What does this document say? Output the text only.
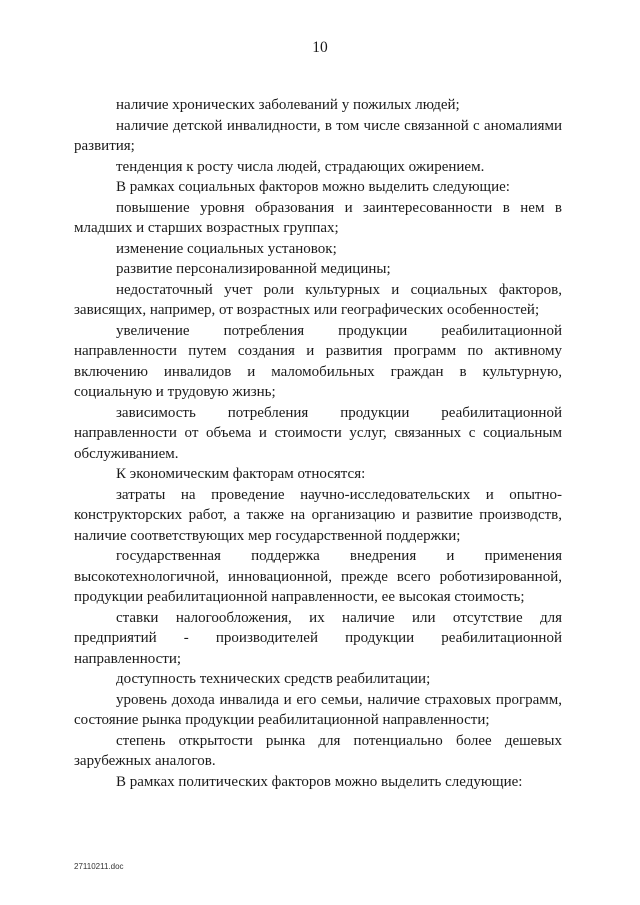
10

наличие хронических заболеваний у пожилых людей;

наличие детской инвалидности, в том числе связанной с аномалиями развития;

тенденция к росту числа людей, страдающих ожирением.

В рамках социальных факторов можно выделить следующие:

повышение уровня образования и заинтересованности в нем в младших и старших возрастных группах;

изменение социальных установок;

развитие персонализированной медицины;

недостаточный учет роли культурных и социальных факторов, зависящих, например, от возрастных или географических особенностей;

увеличение потребления продукции реабилитационной направленности путем создания и развития программ по активному включению инвалидов и маломобильных граждан в культурную, социальную и трудовую жизнь;

зависимость потребления продукции реабилитационной направленности от объема и стоимости услуг, связанных с социальным обслуживанием.

К экономическим факторам относятся:

затраты на проведение научно-исследовательских и опытно-конструкторских работ, а также на организацию и развитие производств, наличие соответствующих мер государственной поддержки;

государственная поддержка внедрения и применения высокотехнологичной, инновационной, прежде всего роботизированной, продукции реабилитационной направленности, ее высокая стоимость;

ставки налогообложения, их наличие или отсутствие для предприятий - производителей продукции реабилитационной направленности;

доступность технических средств реабилитации;

уровень дохода инвалида и его семьи, наличие страховых программ, состояние рынка продукции реабилитационной направленности;

степень открытости рынка для потенциально более дешевых зарубежных аналогов.

В рамках политических факторов можно выделить следующие:

27110211.doc
